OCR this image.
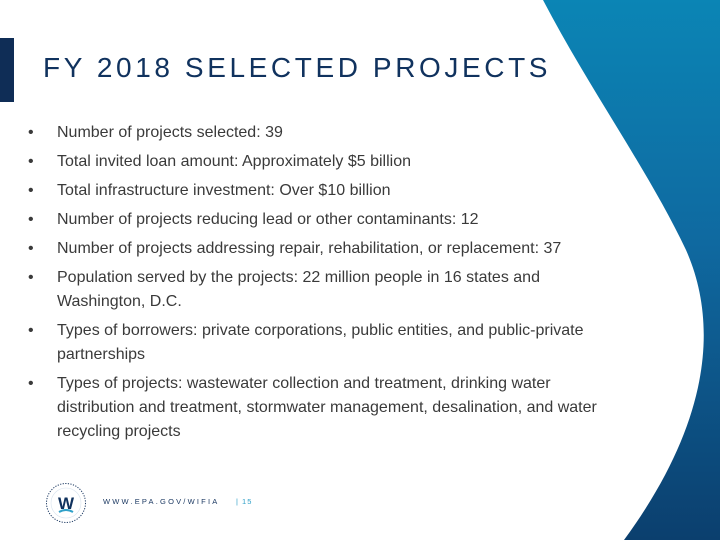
FY 2018 SELECTED PROJECTS
•	Number of projects selected: 39
•	Total invited loan amount: Approximately $5 billion
•	Total infrastructure investment: Over $10 billion
•	Number of projects reducing lead or other contaminants: 12
•	Number of projects addressing repair, rehabilitation, or replacement: 37
•	Population served by the projects: 22 million people in 16 states and Washington, D.C.
•	Types of borrowers: private corporations, public entities, and public-private partnerships
•	Types of projects: wastewater collection and treatment, drinking water distribution and treatment, stormwater management, desalination, and water recycling projects
W	WWW.EPA.GOV/WIFIA | 15
